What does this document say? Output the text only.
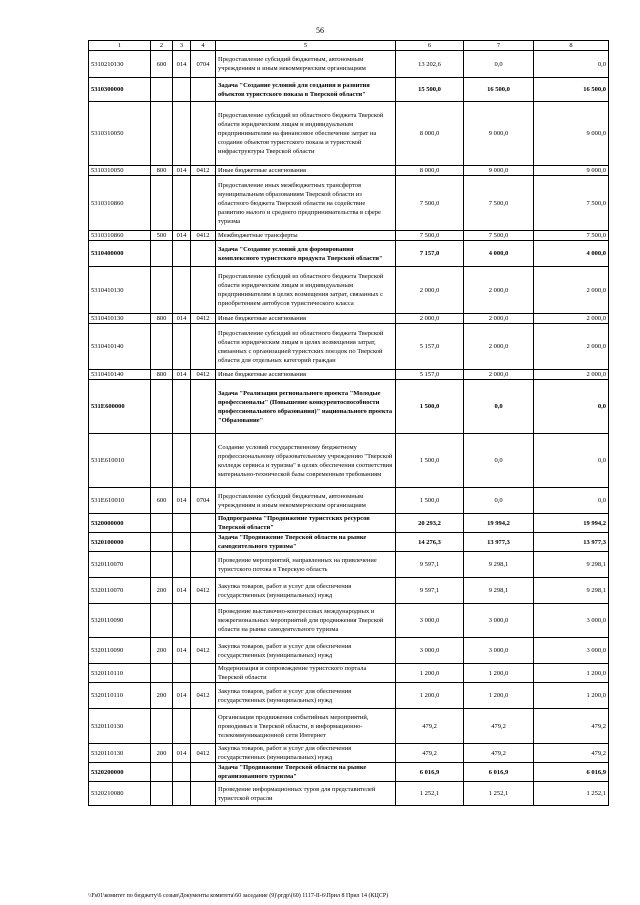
56
1	2	3	4	5	6	7	8
5310210130	600	014	0704	Предоставление субсидий бюджетным, автономным учреждениям и иным некоммерческим организациям	13 202,6	0,0	0,0
5310300000				Задача "Создание условий для создания и развития объектов туристского показа в Тверской области"	15 500,0	16 500,0	16 500,0
5310310050				Предоставление субсидий из областного бюджета Тверской области юридическим лицам и индивидуальным предпринимателям на финансовое обеспечение затрат на создание объектов туристского показа и туристской инфраструктуры Тверской области	8 000,0	9 000,0	9 000,0
5310310050	800	014	0412	Иные бюджетные ассигнования	8 000,0	9 000,0	9 000,0
5310310860				Предоставление иных межбюджетных трансфертов муниципальным образованиям Тверской области из областного бюджета Тверской области на содействие развитию малого и среднего предпринимательства в сфере туризма	7 500,0	7 500,0	7 500,0
5310310860	500	014	0412	Межбюджетные трансферты	7 500,0	7 500,0	7 500,0
5310400000				Задача "Создание условий для формирования комплексного туристского продукта Тверской области"	7 157,0	4 000,0	4 000,0
5310410130				Предоставление субсидий из областного бюджета Тверской области юридическим лицам и индивидуальным предпринимателям в целях возмещения затрат, связанных с приобретением автобусов туристического класса	2 000,0	2 000,0	2 000,0
5310410130	800	014	0412	Иные бюджетные ассигнования	2 000,0	2 000,0	2 000,0
5310410140				Предоставление субсидий из областного бюджета Тверской области юридическим лицам в целях возмещения затрат, связанных с организацией туристских поездок по Тверской области для отдельных категорий граждан	5 157,0	2 000,0	2 000,0
5310410140	800	014	0412	Иные бюджетные ассигнования	5 157,0	2 000,0	2 000,0
531E600000				Задача "Реализация регионального проекта "Молодые профессионалы" (Повышение конкурентоспособности профессионального образования)" национального проекта "Образование"	1 500,0	0,0	0,0
531E610010				Создание условий государственному бюджетному профессиональному образовательному учреждению "Тверской колледж сервиса и туризма" в целях обеспечения соответствия материально-технической базы современным требованиям	1 500,0	0,0	0,0
531E610010	600	014	0704	Предоставление субсидий бюджетным, автономным учреждениям и иным некоммерческим организациям	1 500,0	0,0	0,0
5320000000				Подпрограмма "Продвижение туристских ресурсов Тверской области"	20 293,2	19 994,2	19 994,2
5320100000				Задача "Продвижение Тверской области на рынке самодеятельного туризма"	14 276,3	13 977,3	13 977,3
5320110070				Проведение мероприятий, направленных на привлечение туристского потока в Тверскую область	9 597,1	9 298,1	9 298,1
5320110070	200	014	0412	Закупка товаров, работ и услуг для обеспечения государственных (муниципальных) нужд	9 597,1	9 298,1	9 298,1
5320110090				Проведение выставочно-конгрессных международных и межрегиональных мероприятий для продвижения Тверской области на рынке самодеятельного туризма	3 000,0	3 000,0	3 000,0
5320110090	200	014	0412	Закупка товаров, работ и услуг для обеспечения государственных (муниципальных) нужд	3 000,0	3 000,0	3 000,0
5320110110				Модернизация и сопровождение туристского портала Тверской области	1 200,0	1 200,0	1 200,0
5320110110	200	014	0412	Закупка товаров, работ и услуг для обеспечения государственных (муниципальных) нужд	1 200,0	1 200,0	1 200,0
5320110130				Организация продвижения событийных мероприятий, проводимых в Тверской области, в информационно-телекоммуникационной сети Интернет	479,2	479,2	479,2
5320110130	200	014	0412	Закупка товаров, работ и услуг для обеспечения государственных (муниципальных) нужд	479,2	479,2	479,2
5320200000				Задача "Продвижение Тверской области на рынке организованного туризма"	6 016,9	6 016,9	6 016,9
5320210080				Проведение информационных туров для представителей туристской отрасли	1 252,1	1 252,1	1 252,1
\\Fs01\комитет по бюджету\6 созыв\Документы комитета\60 заседание (9)\ргдр\(60) 1117-II-6\Прил 8 Прил 14 (КЦСР)
